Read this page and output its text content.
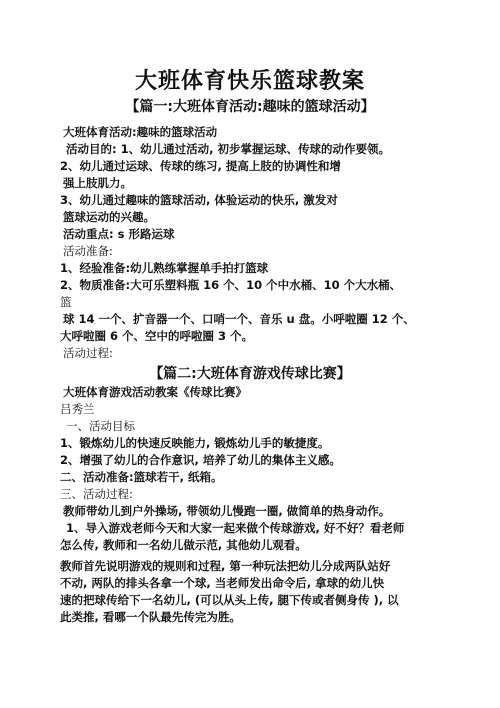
大班体育快乐篮球教案
【篇一:大班体育活动:趣味的篮球活动】
大班体育活动:趣味的篮球活动
活动目的: 1、幼儿通过活动, 初步掌握运球、传球的动作要领。
2、幼儿通过运球、传球的练习, 提高上肢的协调性和增
强上肢肌力。
3、幼儿通过趣味的篮球活动, 体验运动的快乐, 激发对
篮球运动的兴趣。
活动重点: s 形路运球
活动准备:
1、经验准备:幼儿熟练掌握单手拍打篮球
2、物质准备:大可乐塑料瓶 16 个、10 个中水桶、10 个大水桶、
篮
球 14 一个、扩音器一个、口哨一个、音乐 u 盘。小呼啦圈 12 个、
大呼啦圈 6 个、空中的呼啦圈 3 个。
活动过程:
【篇二:大班体育游戏传球比赛】
大班体育游戏活动教案《传球比赛》
吕秀兰
一、活动目标
1、锻炼幼儿的快速反映能力, 锻炼幼儿手的敏捷度。
2、增强了幼儿的合作意识, 培养了幼儿的集体主义感。
二、活动准备:篮球若干, 纸箱。
三、活动过程:
教师带幼儿到户外操场, 带领幼儿慢跑一圈, 做简单的热身动作。
1、导入游戏老师今天和大家一起来做个传球游戏, 好不好？看老师
怎么传, 教师和一名幼儿做示范, 其他幼儿观看。
教师首先说明游戏的规则和过程, 第一种玩法把幼儿分成两队站好
不动, 两队的排头各拿一个球, 当老师发出命令后, 拿球的幼儿快
速的把球传给下一名幼儿, (可以从头上传, 腿下传或者侧身传 ), 以
此类推, 看哪一个队最先传完为胜。
